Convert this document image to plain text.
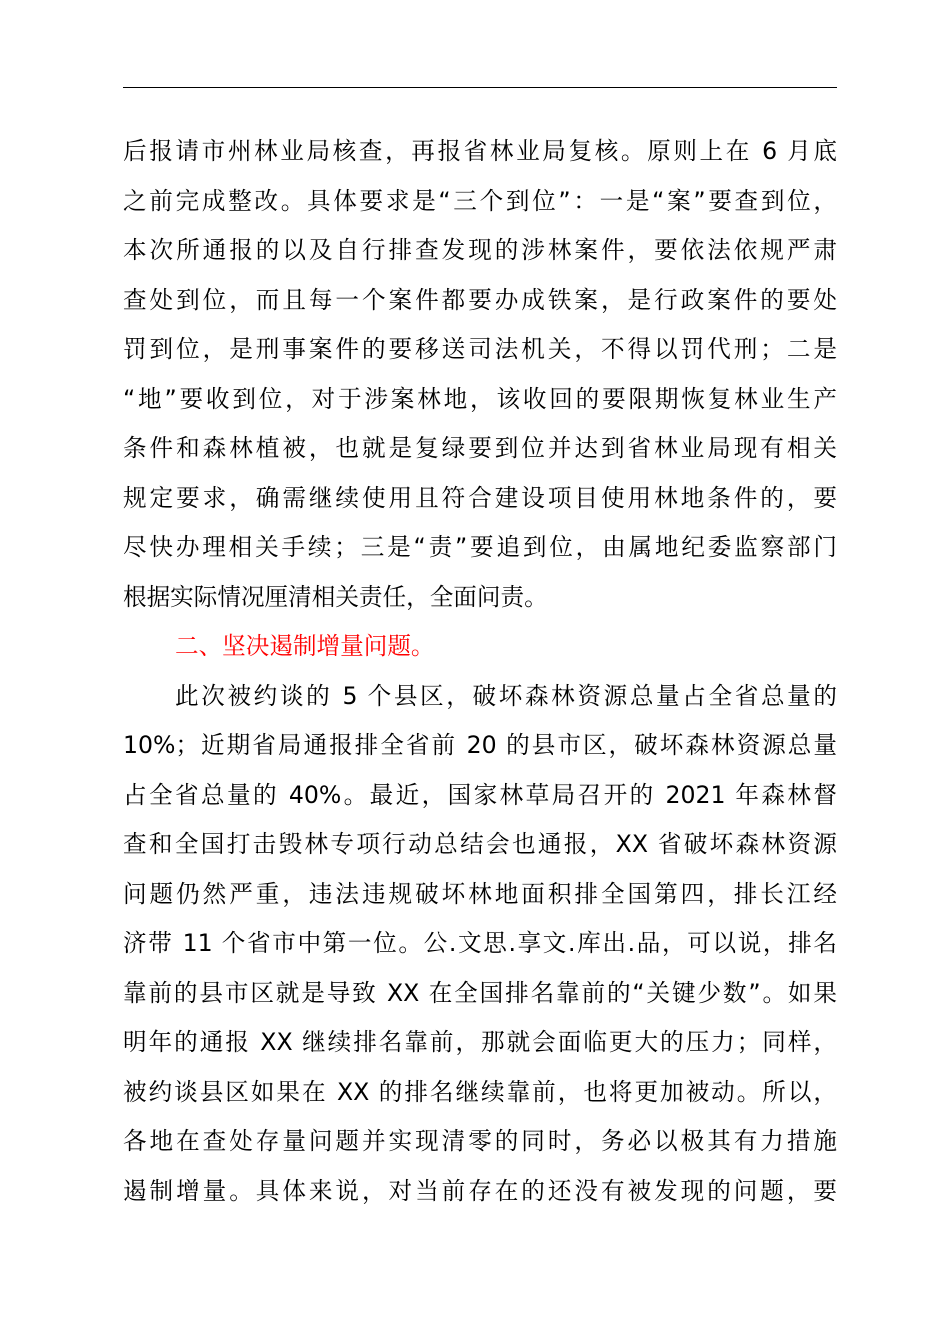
后报请市州林业局核查，再报省林业局复核。原则上在 6 月底
之前完成整改。具体要求是“三个到位”：一是“案”要查到位，
本次所通报的以及自行排查发现的涉林案件，要依法依规严肃
查处到位，而且每一个案件都要办成铁案，是行政案件的要处
罚到位，是刑事案件的要移送司法机关，不得以罚代刑；二是
“地”要收到位，对于涉案林地，该收回的要限期恢复林业生产
条件和森林植被，也就是复绿要到位并达到省林业局现有相关
规定要求，确需继续使用且符合建设项目使用林地条件的，要
尽快办理相关手续；三是“责”要追到位，由属地纪委监察部门
根据实际情况厘清相关责任，全面问责。
二、坚决遏制增量问题。
此次被约谈的 5 个县区，破坏森林资源总量占全省总量的
10%；近期省局通报排全省前 20 的县市区，破坏森林资源总量
占全省总量的 40%。最近，国家林草局召开的 2021 年森林督
查和全国打击毁林专项行动总结会也通报，XX 省破坏森林资源
问题仍然严重，违法违规破坏林地面积排全国第四，排长江经
济带 11 个省市中第一位。公.文思.享文.库出.品，可以说，排名
靠前的县市区就是导致 XX 在全国排名靠前的“关键少数”。如果
明年的通报 XX 继续排名靠前，那就会面临更大的压力；同样，
被约谈县区如果在 XX 的排名继续靠前，也将更加被动。所以，
各地在查处存量问题并实现清零的同时，务必以极其有力措施
遏制增量。具体来说，对当前存在的还没有被发现的问题，要
